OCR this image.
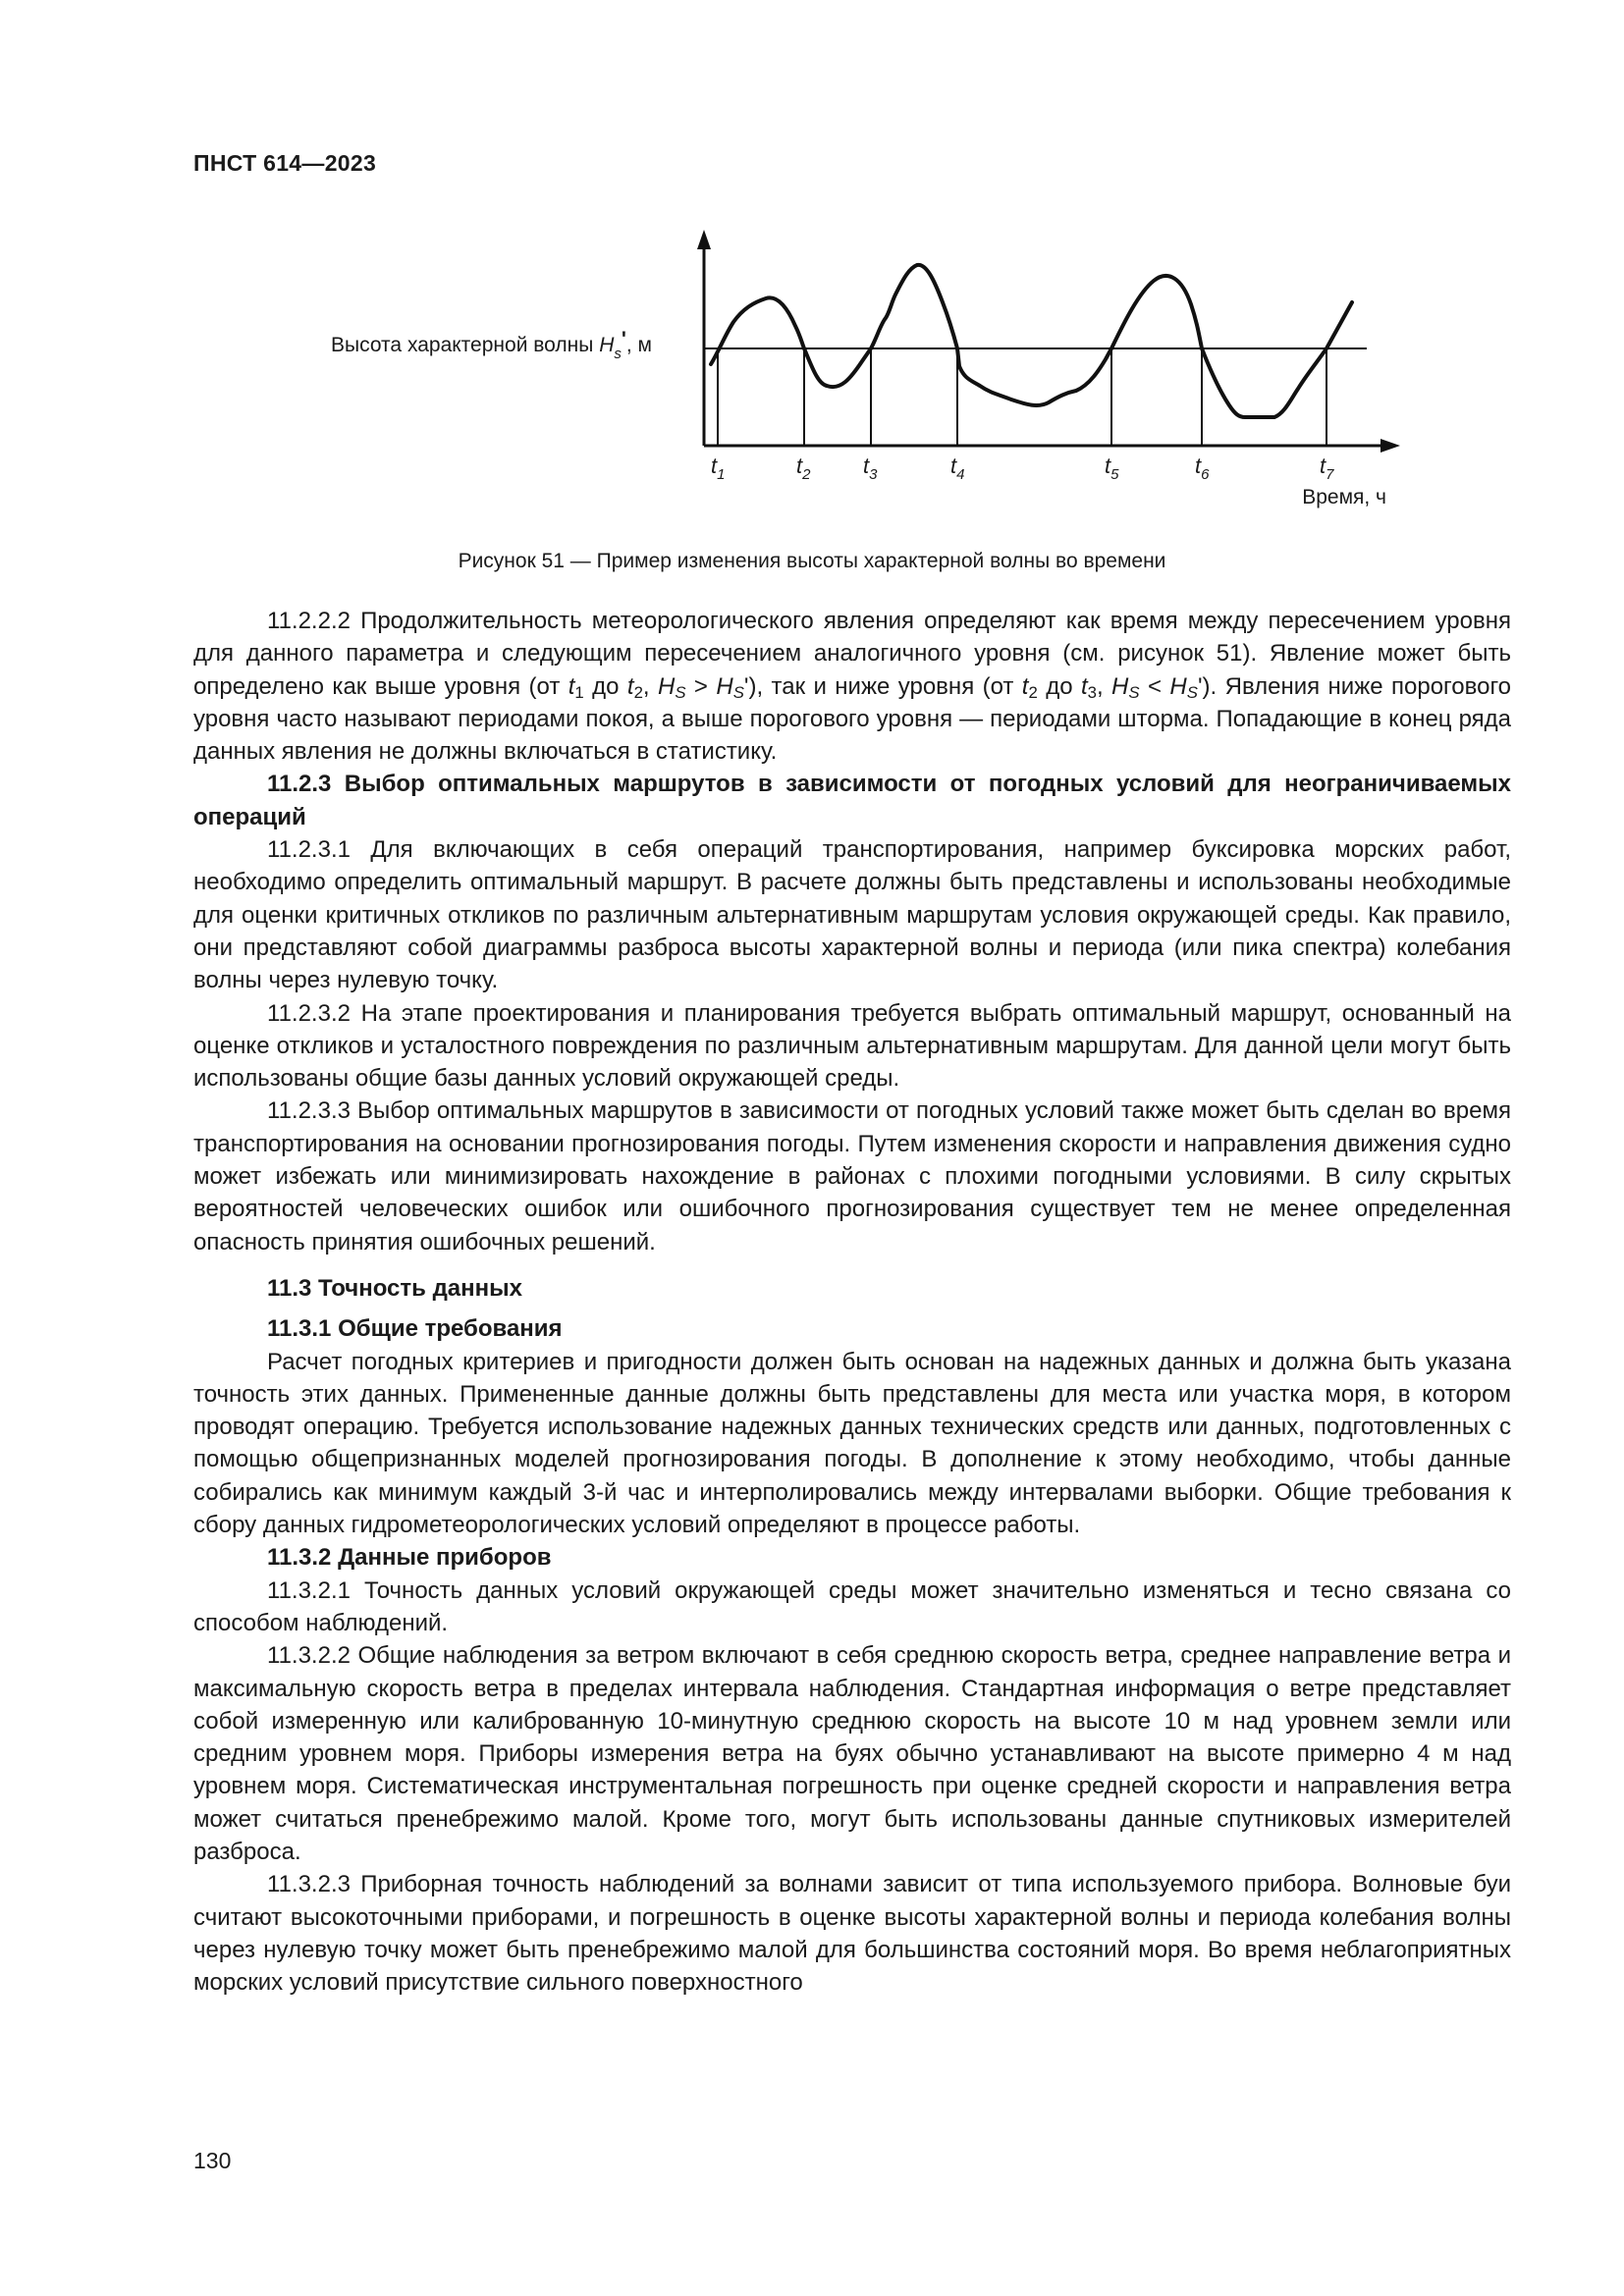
ПНСТ 614—2023
Высота характерной волны $H_s'$, м
$t_1$	$t_2$ $t_3$	$t_4$	$t_5$	$t_6$	$t_7$
Время, ч
Рисунок 51 — Пример изменения высоты характерной волны во времени

11.2.2.2 Продолжительность метеорологического явления определяют как время между пересечением уровня для данного параметра и следующим пересечением аналогичного уровня (см. рисунок 51). Явление может быть определено как выше уровня (от $t_1$ до $t_2$, $H_S > H_S'$), так и ниже уровня (от $t_2$ до $t_3$, $H_S < H_S'$). Явления ниже порогового уровня часто называют периодами покоя, а выше порогового уровня — периодами шторма. Попадающие в конец ряда данных явления не должны включаться в статистику.

11.2.3 Выбор оптимальных маршрутов в зависимости от погодных условий для неограничиваемых операций

11.2.3.1 Для включающих в себя операций транспортирования, например буксировка морских работ, необходимо определить оптимальный маршрут. В расчете должны быть представлены и использованы необходимые для оценки критичных откликов по различным альтернативным маршрутам условия окружающей среды. Как правило, они представляют собой диаграммы разброса высоты характерной волны и периода (или пика спектра) колебания волны через нулевую точку.

11.2.3.2 На этапе проектирования и планирования требуется выбрать оптимальный маршрут, основанный на оценке откликов и усталостного повреждения по различным альтернативным маршрутам. Для данной цели могут быть использованы общие базы данных условий окружающей среды.

11.2.3.3 Выбор оптимальных маршрутов в зависимости от погодных условий также может быть сделан во время транспортирования на основании прогнозирования погоды. Путем изменения скорости и направления движения судно может избежать или минимизировать нахождение в районах с плохими погодными условиями. В силу скрытых вероятностей человеческих ошибок или ошибочного прогнозирования существует тем не менее определенная опасность принятия ошибочных решений.

11.3 Точность данных

11.3.1 Общие требования

Расчет погодных критериев и пригодности должен быть основан на надежных данных и должна быть указана точность этих данных. Примененные данные должны быть представлены для места или участка моря, в котором проводят операцию. Требуется использование надежных данных технических средств или данных, подготовленных с помощью общепризнанных моделей прогнозирования погоды. В дополнение к этому необходимо, чтобы данные собирались как минимум каждый 3-й час и интерполировались между интервалами выборки. Общие требования к сбору данных гидрометеорологических условий определяют в процессе работы.

11.3.2 Данные приборов

11.3.2.1 Точность данных условий окружающей среды может значительно изменяться и тесно связана со способом наблюдений.

11.3.2.2 Общие наблюдения за ветром включают в себя среднюю скорость ветра, среднее направление ветра и максимальную скорость ветра в пределах интервала наблюдения. Стандартная информация о ветре представляет собой измеренную или калиброванную 10-минутную среднюю скорость на высоте 10 м над уровнем земли или средним уровнем моря. Приборы измерения ветра на буях обычно устанавливают на высоте примерно 4 м над уровнем моря. Систематическая инструментальная погрешность при оценке средней скорости и направления ветра может считаться пренебрежимо малой. Кроме того, могут быть использованы данные спутниковых измерителей разброса.

11.3.2.3 Приборная точность наблюдений за волнами зависит от типа используемого прибора. Волновые буи считают высокоточными приборами, и погрешность в оценке высоты характерной волны и периода колебания волны через нулевую точку может быть пренебрежимо малой для большинства состояний моря. Во время неблагоприятных морских условий присутствие сильного поверхностного

130
